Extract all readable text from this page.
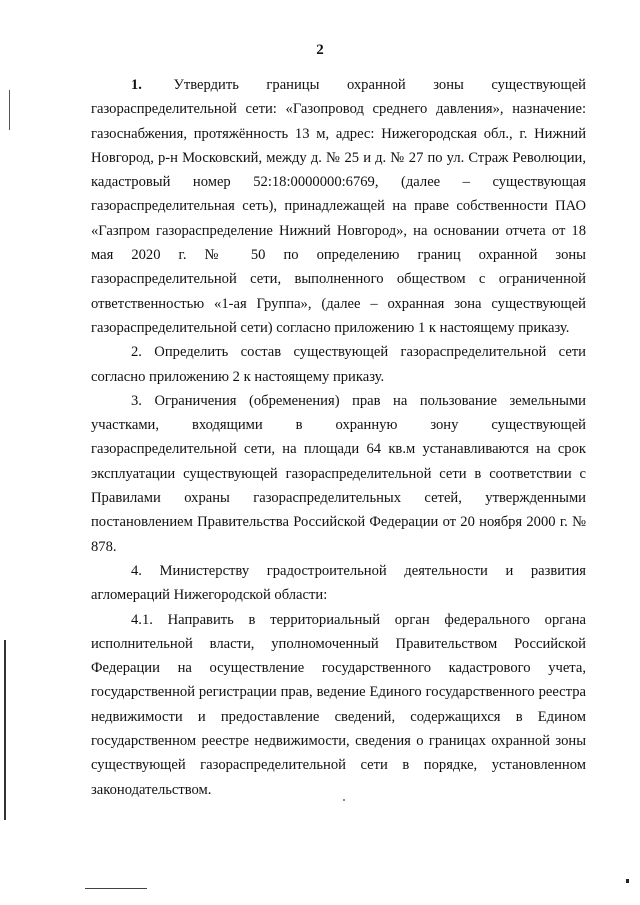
2

1. Утвердить границы охранной зоны существующей газораспределительной сети: «Газопровод среднего давления», назначение: газоснабжения, протяжённость 13 м, адрес: Нижегородская обл., г. Нижний Новгород, р-н Московский, между д. № 25 и д. № 27 по ул. Страж Революции, кадастровый номер 52:18:0000000:6769, (далее – существующая газораспределительная сеть), принадлежащей на праве собственности ПАО «Газпром газораспределение Нижний Новгород», на основании отчета от 18 мая 2020 г. № 50 по определению границ охранной зоны газораспределительной сети, выполненного обществом с ограниченной ответственностью «1-ая Группа», (далее – охранная зона существующей газораспределительной сети) согласно приложению 1 к настоящему приказу.

2. Определить состав существующей газораспределительной сети согласно приложению 2 к настоящему приказу.

3. Ограничения (обременения) прав на пользование земельными участками, входящими в охранную зону существующей газораспределительной сети, на площади 64 кв.м устанавливаются на срок эксплуатации существующей газораспределительной сети в соответствии с Правилами охраны газораспределительных сетей, утвержденными постановлением Правительства Российской Федерации от 20 ноября 2000 г. № 878.

4. Министерству градостроительной деятельности и развития агломераций Нижегородской области:

4.1. Направить в территориальный орган федерального органа исполнительной власти, уполномоченный Правительством Российской Федерации на осуществление государственного кадастрового учета, государственной регистрации прав, ведение Единого государственного реестра недвижимости и предоставление сведений, содержащихся в Едином государственном реестре недвижимости, сведения о границах охранной зоны существующей газораспределительной сети в порядке, установленном законодательством.
